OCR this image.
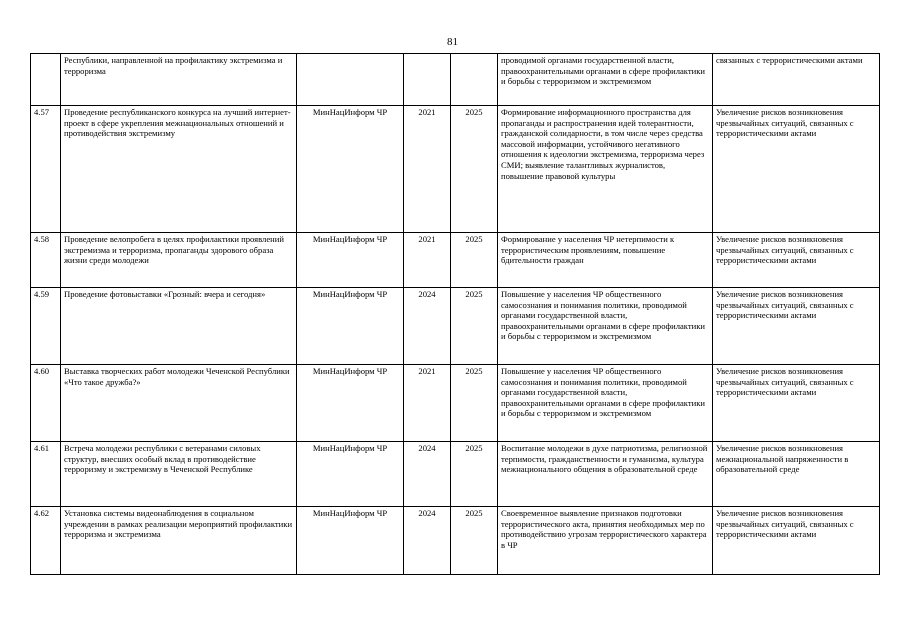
81
	Республики, направленной на профилактику экстремизма и терроризма				проводимой органами государственной власти, правоохранительными органами в сфере профилактики и борьбы с терроризмом и экстремизмом	связанных с террористическими актами
4.57	Проведение республиканского конкурса на лучший интернет-проект в сфере укрепления межнациональных отношений и противодействия экстремизму	МинНацИнформ ЧР	2021	2025	Формирование информационного пространства для пропаганды и распространения идей толерантности, гражданской солидарности, в том числе через средства массовой информации, устойчивого негативного отношения к идеологии экстремизма, терроризма через СМИ; выявление талантливых журналистов, повышение правовой культуры	Увеличение рисков возникновения чрезвычайных ситуаций, связанных с террористическими актами
4.58	Проведение велопробега в целях профилактики проявлений экстремизма и терроризма, пропаганды здорового образа жизни среди молодежи	МинНацИнформ ЧР	2021	2025	Формирование у населения ЧР нетерпимости к террористическим проявлениям, повышение бдительности граждан	Увеличение рисков возникновения чрезвычайных ситуаций, связанных с террористическими актами
4.59	Проведение фотовыставки «Грозный: вчера и сегодня»	МинНацИнформ ЧР	2024	2025	Повышение у населения ЧР общественного самосознания и понимания политики, проводимой органами государственной власти, правоохранительными органами в сфере профилактики и борьбы с терроризмом и экстремизмом	Увеличение рисков возникновения чрезвычайных ситуаций, связанных с террористическими актами
4.60	Выставка творческих работ молодежи Чеченской Республики «Что такое дружба?»	МинНацИнформ ЧР	2021	2025	Повышение у населения ЧР общественного самосознания и понимания политики, проводимой органами государственной власти, правоохранительными органами в сфере профилактики и борьбы с терроризмом и экстремизмом	Увеличение рисков возникновения чрезвычайных ситуаций, связанных с террористическими актами
4.61	Встреча молодежи республики с ветеранами силовых структур, внесших особый вклад в противодействие терроризму и экстремизму в Чеченской Республике	МинНацИнформ ЧР	2024	2025	Воспитание молодежи в духе патриотизма, религиозной терпимости, гражданственности и гуманизма, культура межнационального общения в образовательной среде	Увеличение рисков возникновения межнациональной напряженности в образовательной среде
4.62	Установка системы видеонаблюдения в социальном учреждении в рамках реализации мероприятий профилактики терроризма и экстремизма	МинНацИнформ ЧР	2024	2025	Своевременное выявление признаков подготовки террористического акта, принятия необходимых мер по противодействию угрозам террористического характера в ЧР	Увеличение рисков возникновения чрезвычайных ситуаций, связанных с террористическими актами
